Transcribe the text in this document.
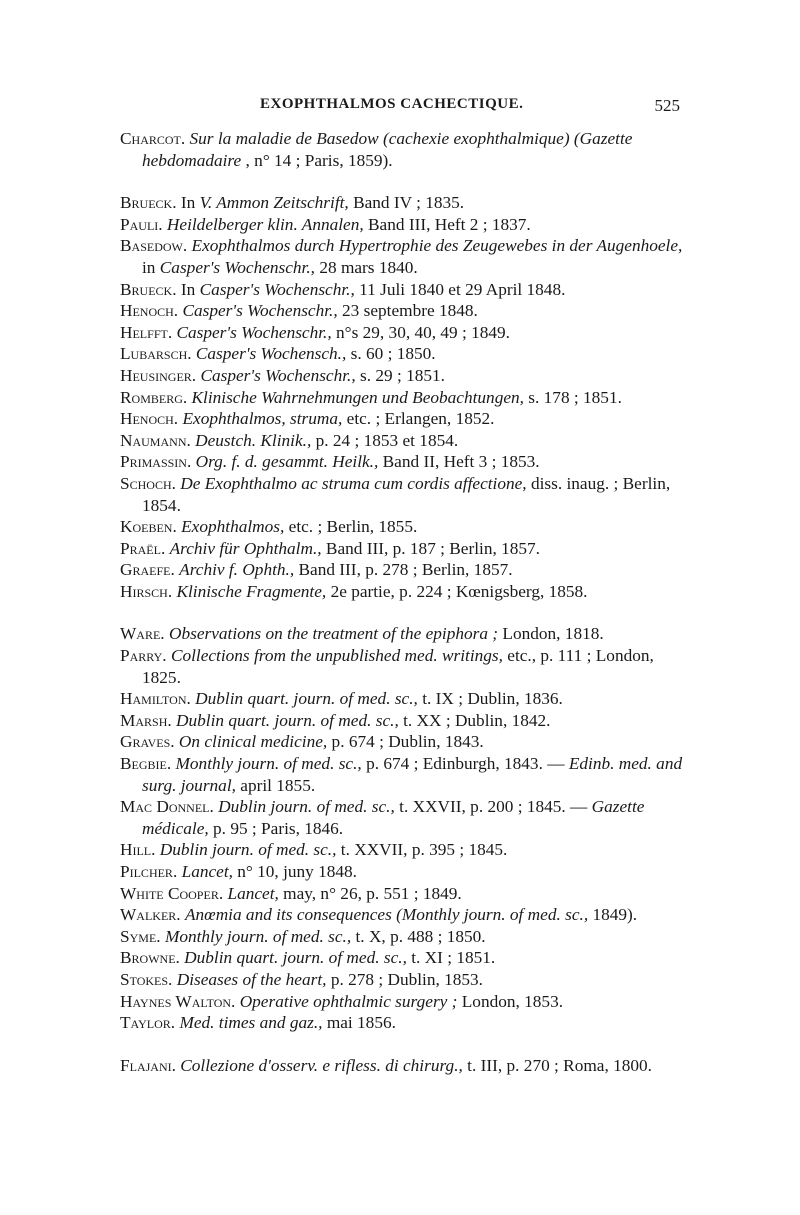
EXOPHTHALMOS CACHECTIQUE.	525
Charcot. Sur la maladie de Basedow (cachexie exophthalmique) (Gazette hebdomadaire , n° 14 ; Paris, 1859).
Brueck. In V. Ammon Zeitschrift, Band IV ; 1835.
Pauli. Heildelberger klin. Annalen, Band III, Heft 2 ; 1837.
Basedow. Exophthalmos durch Hypertrophie des Zeugewebes in der Augenhoele, in Casper's Wochenschr., 28 mars 1840.
Brueck. In Casper's Wochenschr., 11 Juli 1840 et 29 April 1848.
Henoch. Casper's Wochenschr., 23 septembre 1848.
Helfft. Casper's Wochenschr., n°s 29, 30, 40, 49 ; 1849.
Lubarsch. Casper's Wochensch., s. 60 ; 1850.
Heusinger. Casper's Wochenschr., s. 29 ; 1851.
Romberg. Klinische Wahrnehmungen und Beobachtungen, s. 178 ; 1851.
Henoch. Exophthalmos, struma, etc. ; Erlangen, 1852.
Naumann. Deustch. Klinik., p. 24 ; 1853 et 1854.
Primassin. Org. f. d. gesammt. Heilk., Band II, Heft 3 ; 1853.
Schoch. De Exophthalmo ac struma cum cordis affectione, diss. inaug. ; Berlin, 1854.
Koeben. Exophthalmos, etc. ; Berlin, 1855.
Praël. Archiv für Ophthalm., Band III, p. 187 ; Berlin, 1857.
Graefe. Archiv f. Ophth., Band III, p. 278 ; Berlin, 1857.
Hirsch. Klinische Fragmente, 2e partie, p. 224 ; Kœnigsberg, 1858.
Ware. Observations on the treatment of the epiphora ; London, 1818.
Parry. Collections from the unpublished med. writings, etc., p. 111 ; London, 1825.
Hamilton. Dublin quart. journ. of med. sc., t. IX ; Dublin, 1836.
Marsh. Dublin quart. journ. of med. sc., t. XX ; Dublin, 1842.
Graves. On clinical medicine, p. 674 ; Dublin, 1843.
Begbie. Monthly journ. of med. sc., p. 674 ; Edinburgh, 1843. — Edinb. med. and surg. journal, april 1855.
Mac Donnel. Dublin journ. of med. sc., t. XXVII, p. 200 ; 1845. — Gazette médicale, p. 95 ; Paris, 1846.
Hill. Dublin journ. of med. sc., t. XXVII, p. 395 ; 1845.
Pilcher. Lancet, n° 10, juny 1848.
White Cooper. Lancet, may, n° 26, p. 551 ; 1849.
Walker. Anœmia and its consequences (Monthly journ. of med. sc., 1849).
Syme. Monthly journ. of med. sc., t. X, p. 488 ; 1850.
Browne. Dublin quart. journ. of med. sc., t. XI ; 1851.
Stokes. Diseases of the heart, p. 278 ; Dublin, 1853.
Haynes Walton. Operative ophthalmic surgery ; London, 1853.
Taylor. Med. times and gaz., mai 1856.
Flajani. Collezione d'osserv. e rifless. di chirurg., t. III, p. 270 ; Roma, 1800.
